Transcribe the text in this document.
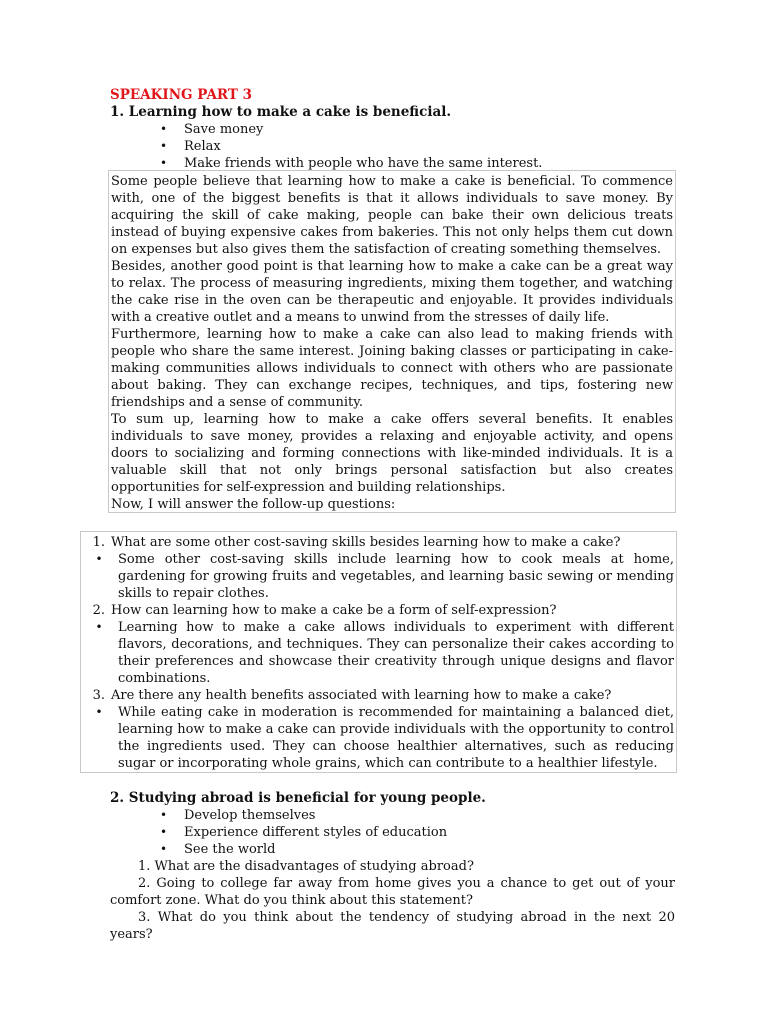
SPEAKING PART 3
1. Learning how to make a cake is beneficial.
• Save money
• Relax
• Make friends with people who have the same interest.

Some people believe that learning how to make a cake is beneficial. To commence with, one of the biggest benefits is that it allows individuals to save money. By acquiring the skill of cake making, people can bake their own delicious treats instead of buying expensive cakes from bakeries. This not only helps them cut down on expenses but also gives them the satisfaction of creating something themselves.

Besides, another good point is that learning how to make a cake can be a great way to relax. The process of measuring ingredients, mixing them together, and watching the cake rise in the oven can be therapeutic and enjoyable. It provides individuals with a creative outlet and a means to unwind from the stresses of daily life.

Furthermore, learning how to make a cake can also lead to making friends with people who share the same interest. Joining baking classes or participating in cake-making communities allows individuals to connect with others who are passionate about baking. They can exchange recipes, techniques, and tips, fostering new friendships and a sense of community.

To sum up, learning how to make a cake offers several benefits. It enables individuals to save money, provides a relaxing and enjoyable activity, and opens doors to socializing and forming connections with like-minded individuals. It is a valuable skill that not only brings personal satisfaction but also creates opportunities for self-expression and building relationships.

Now, I will answer the follow-up questions:

1. What are some other cost-saving skills besides learning how to make a cake?
•	Some other cost-saving skills include learning how to cook meals at home, gardening for growing fruits and vegetables, and learning basic sewing or mending skills to repair clothes.
2. How can learning how to make a cake be a form of self-expression?
•	Learning how to make a cake allows individuals to experiment with different flavors, decorations, and techniques. They can personalize their cakes according to their preferences and showcase their creativity through unique designs and flavor combinations.
3. Are there any health benefits associated with learning how to make a cake?
•	While eating cake in moderation is recommended for maintaining a balanced diet, learning how to make a cake can provide individuals with the opportunity to control the ingredients used. They can choose healthier alternatives, such as reducing sugar or incorporating whole grains, which can contribute to a healthier lifestyle.
2. Studying abroad is beneficial for young people.
• Develop themselves
• Experience different styles of education
• See the world
1. What are the disadvantages of studying abroad?
2. Going to college far away from home gives you a chance to get out of your comfort zone. What do you think about this statement?
3. What do you think about the tendency of studying abroad in the next 20 years?
